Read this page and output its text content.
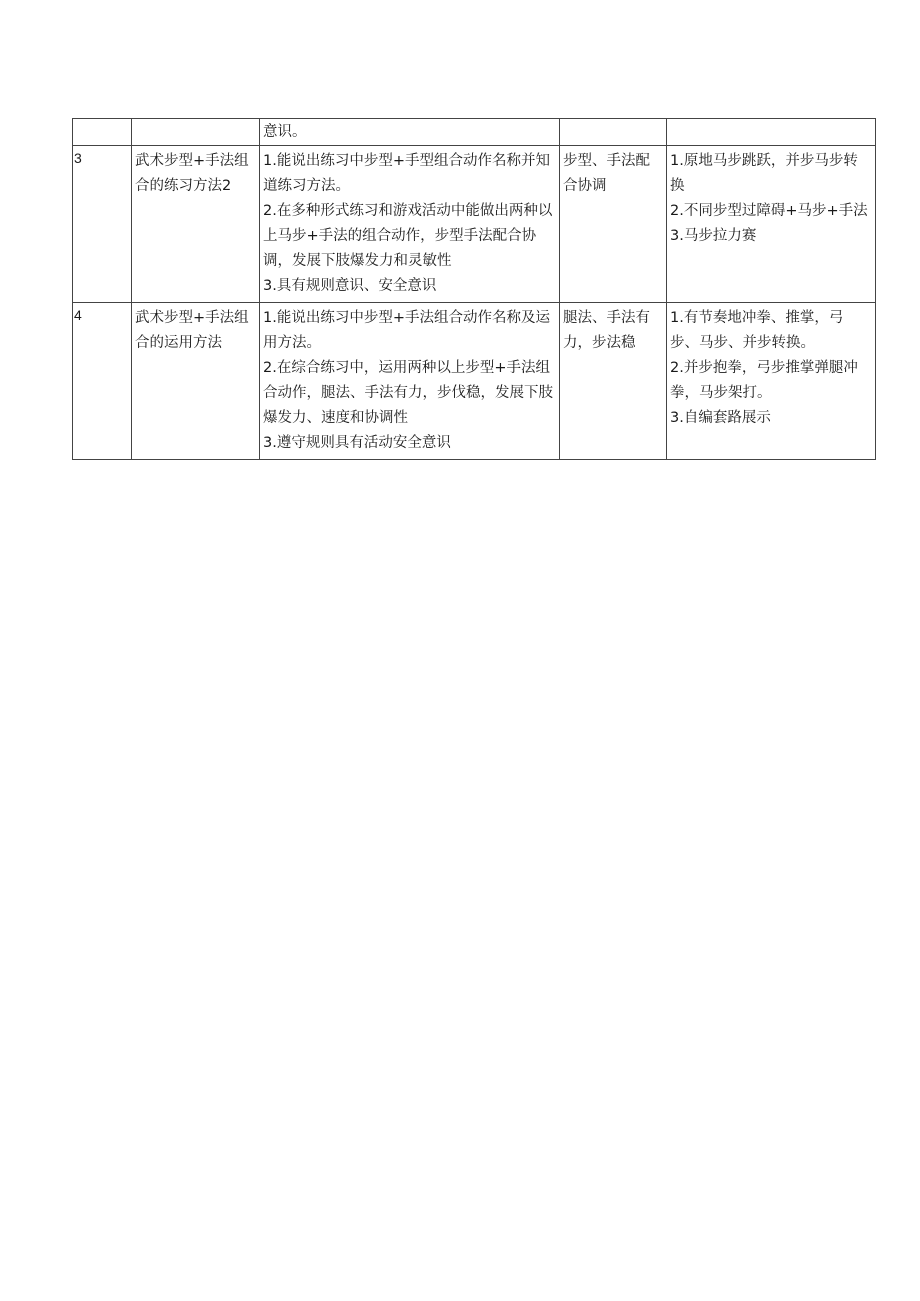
		意识。		

3	武术步型+手法组合的练习方法2	1.能说出练习中步型+手型组合动作名称并知道练习方法。
2.在多种形式练习和游戏活动中能做出两种以上马步+手法的组合动作，步型手法配合协调，发展下肢爆发力和灵敏性
3.具有规则意识、安全意识	步型、手法配合协调	1.原地马步跳跃，并步马步转换
2.不同步型过障碍+马步+手法
3.马步拉力赛

4	武术步型+手法组合的运用方法	1.能说出练习中步型+手法组合动作名称及运用方法。
2.在综合练习中，运用两种以上步型+手法组合动作，腿法、手法有力，步伐稳，发展下肢爆发力、速度和协调性
3.遵守规则具有活动安全意识	腿法、手法有力，步法稳	1.有节奏地冲拳、推掌，弓步、马步、并步转换。
2.并步抱拳，弓步推掌弹腿冲拳，马步架打。
3.自编套路展示
